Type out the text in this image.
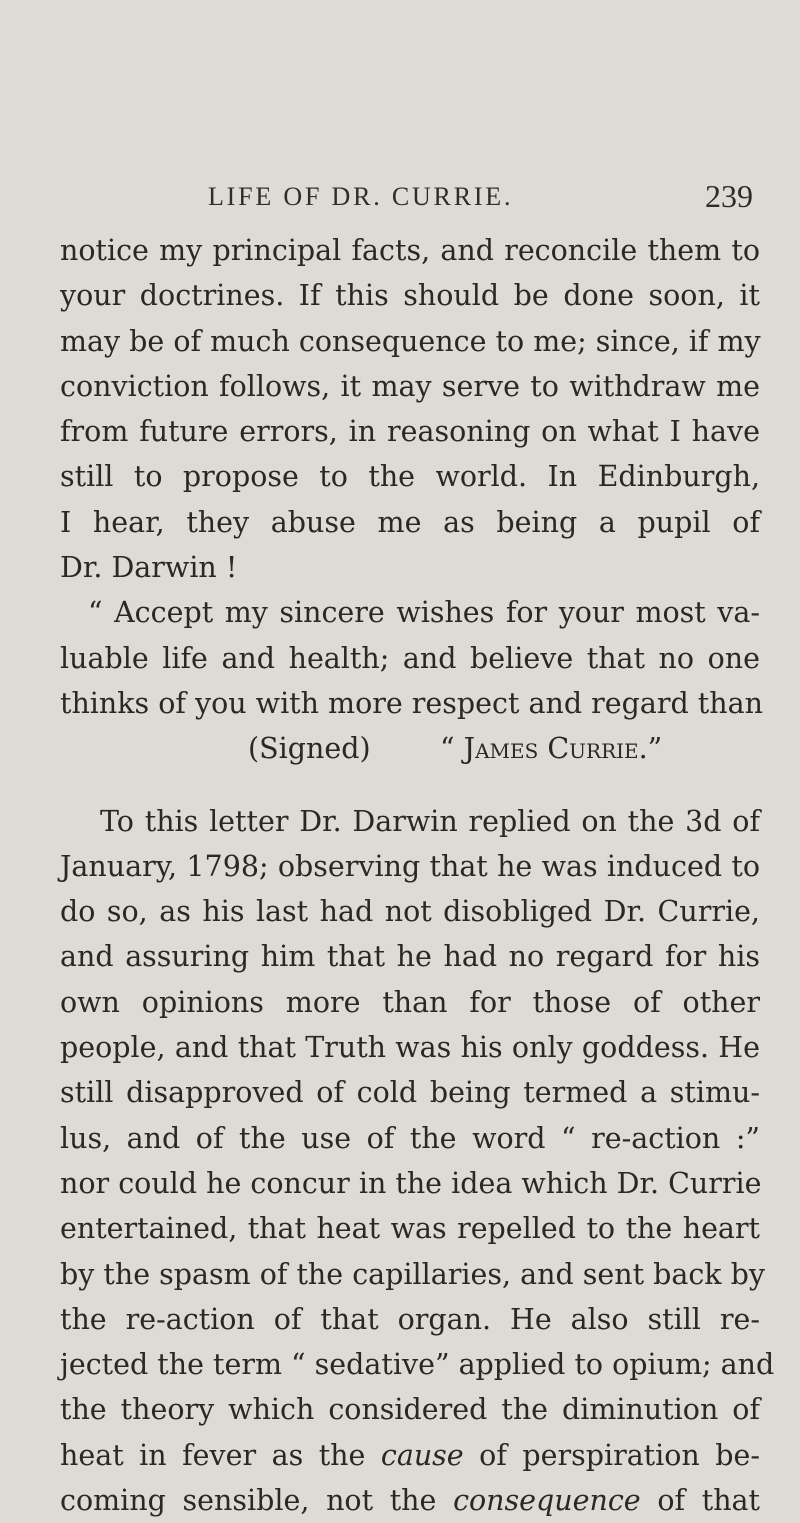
LIFE OF DR. CURRIE.	239
notice my principal facts, and reconcile them to
your doctrines. If this should be done soon, it
may be of much consequence to me; since, if my
conviction follows, it may serve to withdraw me
from future errors, in reasoning on what I have
still to propose to the world. In Edinburgh,
I hear, they abuse me as being a pupil of
Dr. Darwin !
“ Accept my sincere wishes for your most va-
luable life and health; and believe that no one
thinks of you with more respect and regard than
(Signed) “ James Currie.”
To this letter Dr. Darwin replied on the 3d of
January, 1798; observing that he was induced to
do so, as his last had not disobliged Dr. Currie,
and assuring him that he had no regard for his
own opinions more than for those of other
people, and that Truth was his only goddess. He
still disapproved of cold being termed a stimu-
lus, and of the use of the word “ re-action :”
nor could he concur in the idea which Dr. Currie
entertained, that heat was repelled to the heart
by the spasm of the capillaries, and sent back by
the re-action of that organ. He also still re-
jected the term “ sedative” applied to opium; and
the theory which considered the diminution of
heat in fever as the cause of perspiration be-
coming sensible, not the consequence of that
